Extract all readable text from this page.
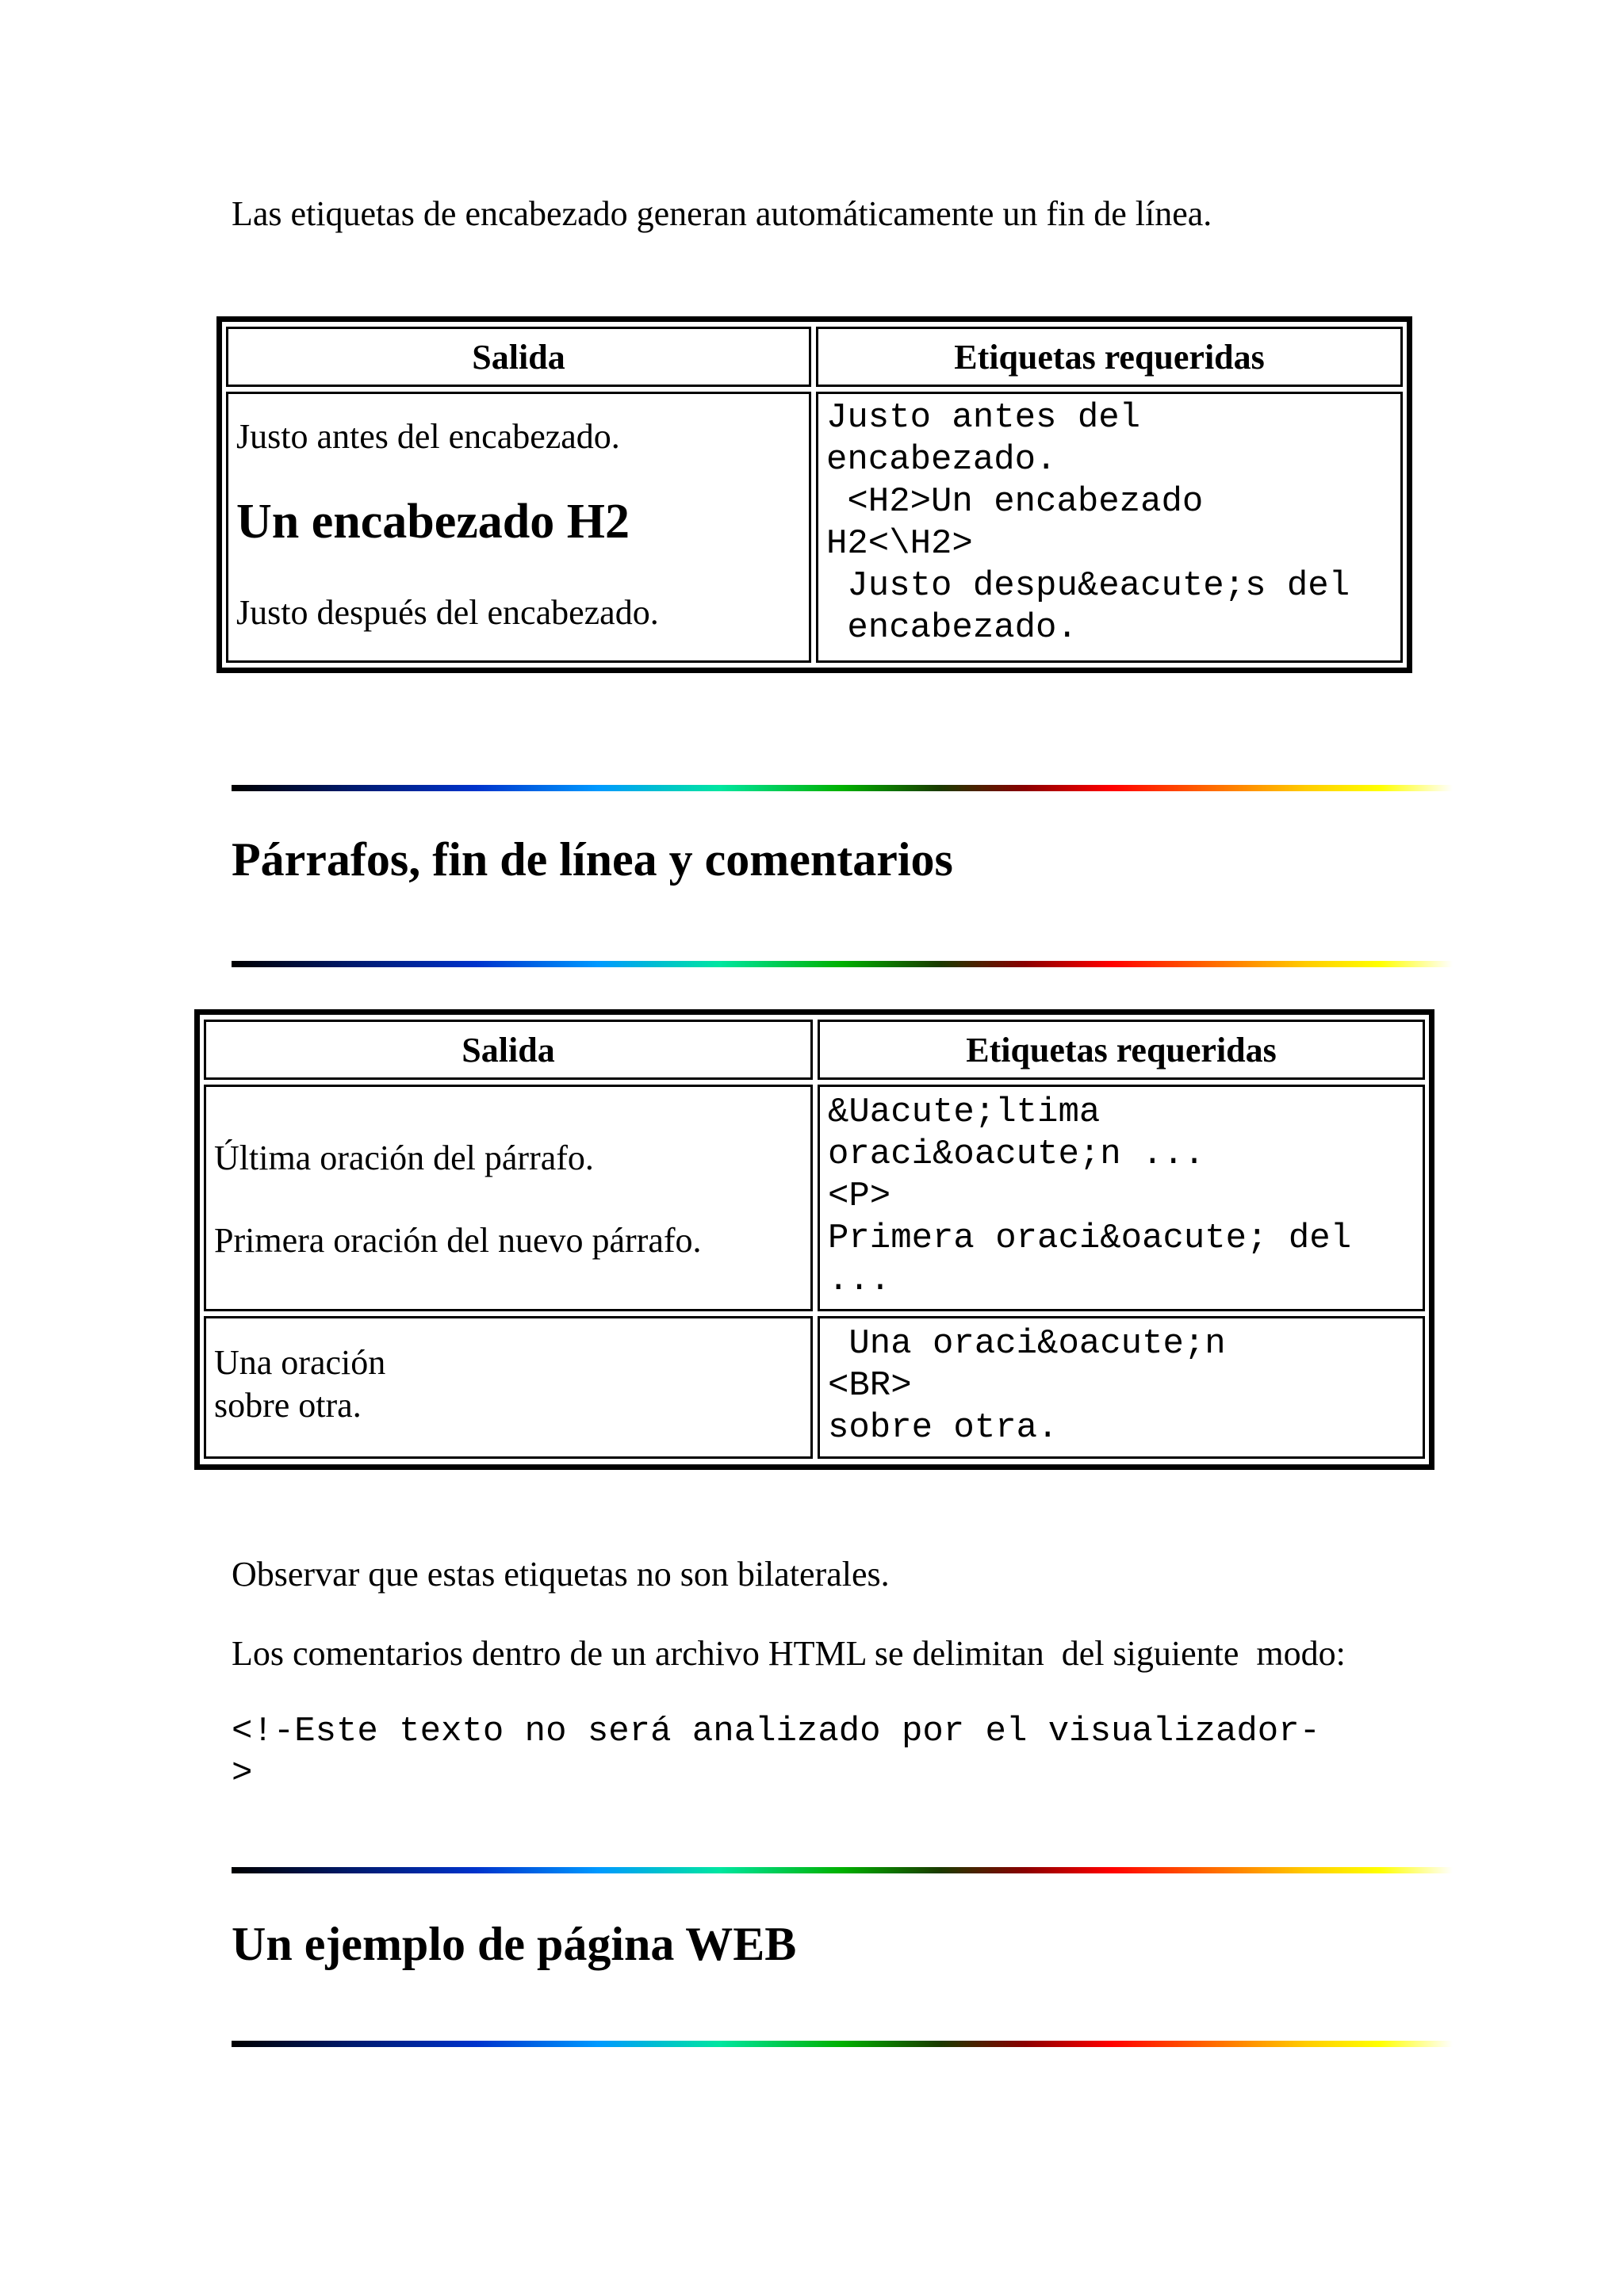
Las etiquetas de encabezado generan automáticamente un fin de línea.
Salida	Etiquetas requeridas
Justo antes del encabezado.
Un encabezado H2
Justo después del encabezado.
Justo antes del
encabezado.
<H2>Un encabezado
H2<\H2>
Justo despu&eacute;s del
encabezado.
Párrafos, fin de línea y comentarios
Salida	Etiquetas requeridas
Última oración del párrafo.
Primera oración del nuevo párrafo.
&Uacute;ltima
oraci&oacute;n ...
<P>
Primera oraci&oacute; del
...
Una oración
sobre otra.
Una oraci&oacute;n
<BR>
sobre otra.
Observar que estas etiquetas no son bilaterales.
Los comentarios dentro de un archivo HTML se delimitan  del siguiente  modo:
<!-Este texto no será analizado por el visualizador-
>
Un ejemplo de página WEB
